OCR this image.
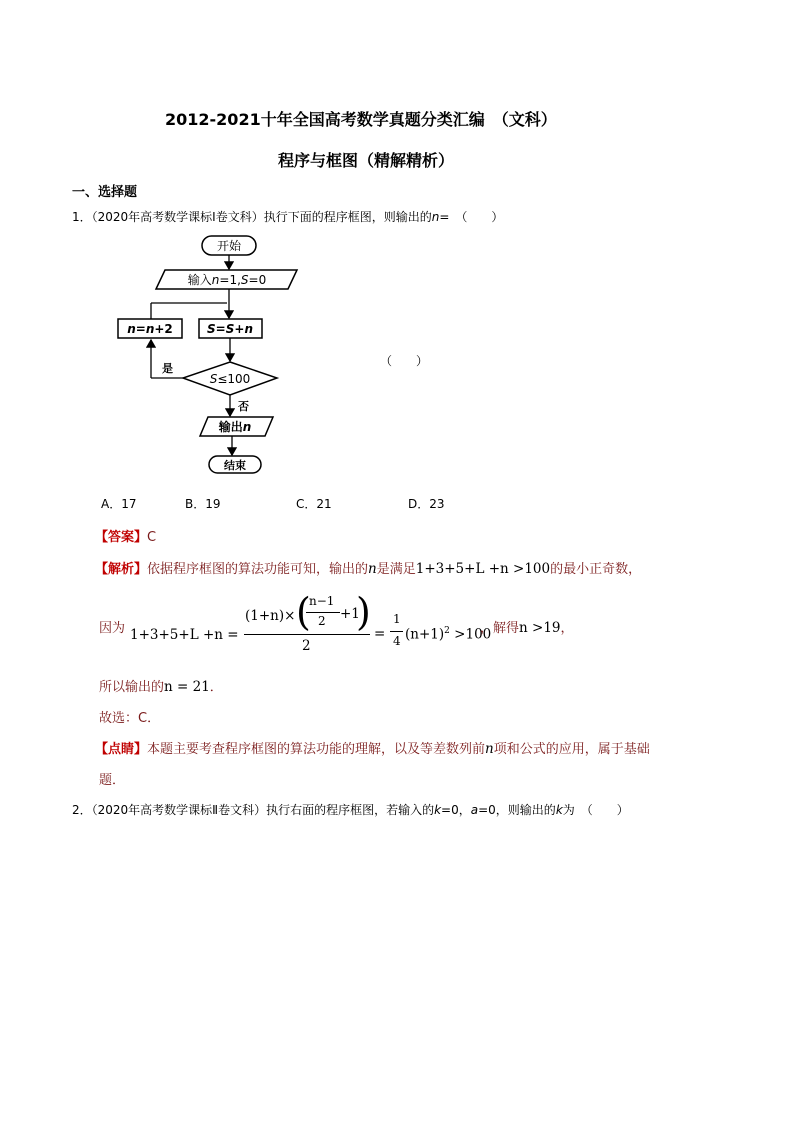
2012-2021十年全国高考数学真题分类汇编　（文科）
程序与框图（精解精析）
一、选择题
1．（2020年高考数学课标Ⅰ卷文科）执行下面的程序框图，则输出的n=　（　　）
开始
输入n=1,S=0
S=S+n
n=n+2
S≤100
是
否
输出n
结束
（　　）
A．17	B．19	C．21	D．23
【答案】C
【解析】依据程序框图的算法功能可知，输出的n是满足1+3+5+L +n >100的最小正奇数，
因为 1+3+5+L +n =
(1+n)× (
n−1
2 +1
)
2
=
1
4 $(n+1)^2 >100$
，解得n >19，
所以输出的n = 21．
故选：C．
【点睛】本题主要考查程序框图的算法功能的理解，以及等差数列前n项和公式的应用，属于基础
题．
2．（2020年高考数学课标Ⅱ卷文科）执行右面的程序框图，若输入的k=0，a=0，则输出的k为　（　　）
